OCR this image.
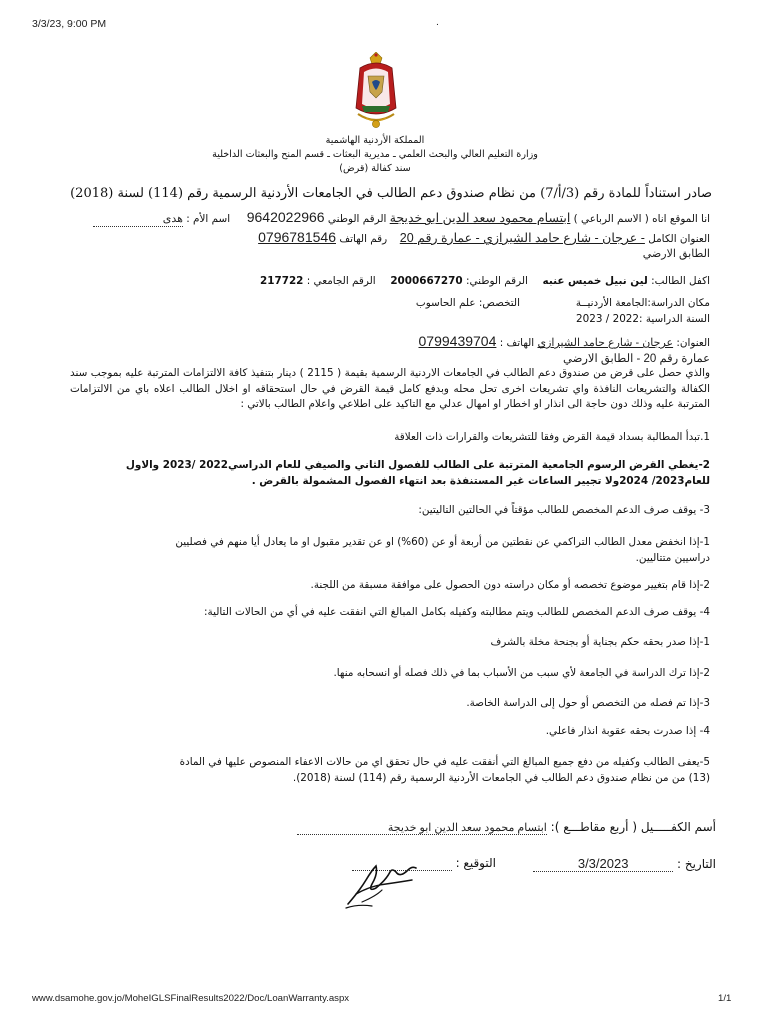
3/3/23, 9:00 PM	.
المملكة الأردنية الهاشمية
وزارة التعليم العالي والبحث العلمي ـ مديرية البعثات ـ قسم المنح والبعثات الداخلية
سند كفالة (قرض)
صادر استناداً للمادة رقم (3/أ/7) من نظام صندوق دعم الطالب في الجامعات الأردنية الرسمية رقم (114) لسنة (2018)
انا الموقع اناه ( الاسم الرباعي ) ابتسام محمود سعد الدين ابو خديجة الرقم الوطني 9642022966  اسم الأم : هدى
العنوان الكامل - عرجان - شارع حامد الشيرازي - عمارة رقم 20  رقم الهاتف 0796781546
الطابق الارضي
اكفل الطالب: لين نبيل خميس عنبه  الرقم الوطني: 2000667270  الرقم الجامعي : 217722
مكان الدراسة:الجامعة الأردنيــة
التخصص: علم الحاسوب
السنة الدراسية :2022 / 2023
العنوان: عرجان - شارع حامد الشيرازي الهاتف : 0799439704
عمارة رقم 20 - الطابق الارضي
والذي حصل على قرض من صندوق دعم الطالب في الجامعات الاردنية الرسمية بقيمة ( 2115 ) دينار بتنفيذ كافة الالتزامات المترتبة عليه بموجب سند الكفالة والتشريعات النافذة واي تشريعات اخرى تحل محله وبدفع كامل قيمة القرض في حال استحقاقه او اخلال الطالب اعلاه باي من الالتزامات المترتبة عليه وذلك دون حاجة الى انذار او اخطار او امهال عدلي مع التاكيد على اطلاعي واعلام الطالب بالاتي :
1.تبدأ المطالبة بسداد قيمة القرض وفقا للتشريعات والقرارات ذات العلاقة
2-يغطي القرض الرسوم الجامعية المترتبة على الطالب للفصول الثاني والصيفي للعام الدراسي2022 /2023 والاول للعام2023/ 2024ولا تجيير الساعات غير المستنفذة بعد انتهاء الفصول المشمولة بالقرض .
3- يوقف صرف الدعم المخصص للطالب مؤقتاً في الحالتين التاليتين:
1-إذا انخفض معدل الطالب التراكمي عن نقطتين من أربعة أو عن (60%) او عن تقدير مقبول او ما يعادل أيا منهم في فصليين دراسيين متتاليين.
2-إذا قام بتغيير موضوع تخصصه أو مكان دراسته دون الحصول على موافقة مسبقة من اللجنة.
4- يوقف صرف الدعم المخصص للطالب ويتم مطالبته وكفيله بكامل المبالغ التي انفقت عليه في أي من الحالات التالية:
1-إذا صدر بحقه حكم بجناية أو بجنحة مخلة بالشرف
2-إذا ترك الدراسة في الجامعة لأي سبب من الأسباب بما في ذلك فصله أو انسحابه منها.
3-إذا تم فصله من التخصص أو حول إلى الدراسة الخاصة.
4- إذا صدرت بحقه عقوبة انذار فاعلي.
5-يعفى الطالب وكفيله من دفع جميع المبالغ التي أنفقت عليه في حال تحقق اي من حالات الاعفاء المنصوص عليها في المادة (13) من من نظام صندوق دعم الطالب في الجامعات الأردنية الرسمية رقم (114) لسنة (2018).
أسم الكفـــــيل ( أربع مقاطـــع ): ابتسام محمود سعد الدين ابو خديجة
التاريخ : 3/3/2023
التوقيع :
www.dsamohe.gov.jo/MoheIGLSFinalResults2022/Doc/LoanWarranty.aspx	1/1
